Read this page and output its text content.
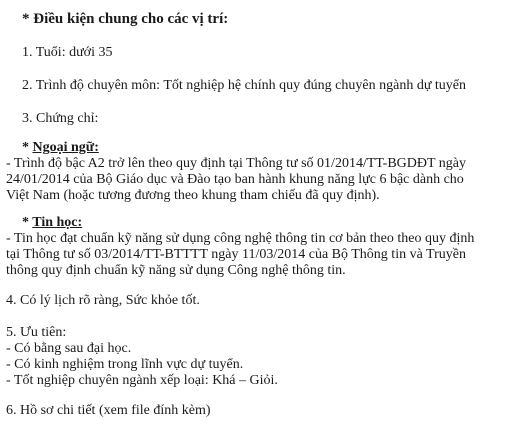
* Điều kiện chung cho các vị trí:
1. Tuổi: dưới 35
2. Trình độ chuyên môn: Tốt nghiệp hệ chính quy đúng chuyên ngành dự tuyển
3. Chứng chỉ:
* Ngoại ngữ:
- Trình độ bậc A2 trở lên theo quy định tại Thông tư số 01/2014/TT-BGDĐT ngày
24/01/2014 của Bộ Giáo dục và Đào tạo ban hành khung năng lực 6 bậc dành cho
Việt Nam (hoặc tương đương theo khung tham chiếu đã quy định).
* Tin học:
- Tin học đạt chuẩn kỹ năng sử dụng công nghệ thông tin cơ bản theo theo quy định
tại Thông tư số 03/2014/TT-BTTTT ngày 11/03/2014 của Bộ Thông tin và Truyền
thông quy định chuẩn kỹ năng sử dụng Công nghệ thông tin.
4. Có lý lịch rõ ràng, Sức khỏe tốt.
5. Ưu tiên:
- Có bằng sau đại học.
- Có kinh nghiệm trong lĩnh vực dự tuyển.
- Tốt nghiệp chuyên ngành xếp loại: Khá – Giỏi.
6. Hồ sơ chi tiết (xem file đính kèm)
